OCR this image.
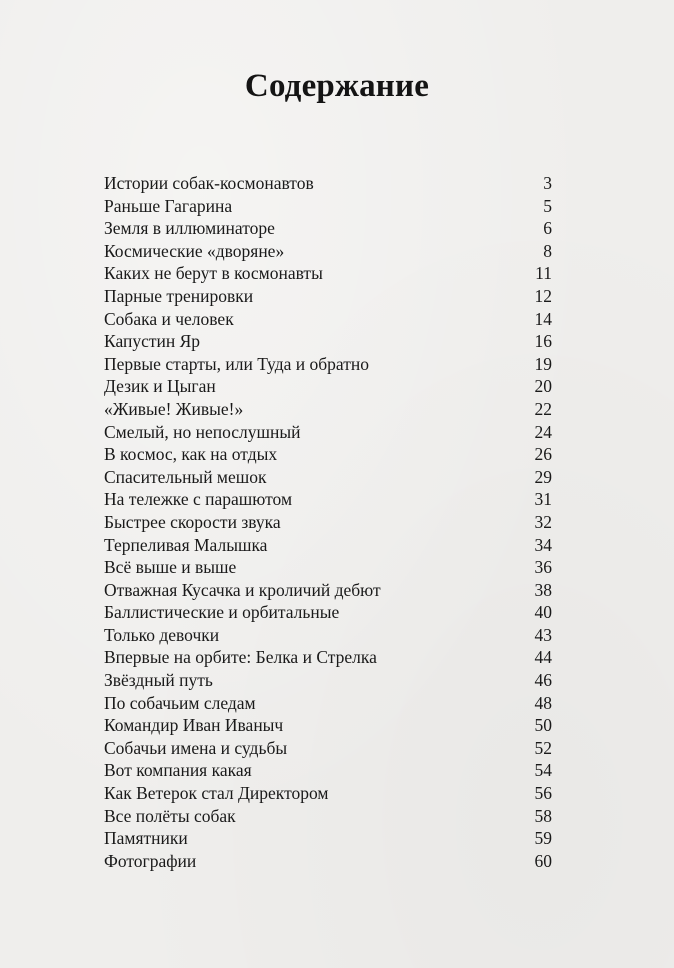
Содержание
Истории собак-космонавтов	3
Раньше Гагарина	5
Земля в иллюминаторе	6
Космические «дворяне»	8
Каких не берут в космонавты	11
Парные тренировки	12
Собака и человек	14
Капустин Яр	16
Первые старты, или Туда и обратно	19
Дезик и Цыган	20
«Живые! Живые!»	22
Смелый, но непослушный	24
В космос, как на отдых	26
Спасительный мешок	29
На тележке с парашютом	31
Быстрее скорости звука	32
Терпеливая Малышка	34
Всё выше и выше	36
Отважная Кусачка и кроличий дебют	38
Баллистические и орбитальные	40
Только девочки	43
Впервые на орбите: Белка и Стрелка	44
Звёздный путь	46
По собачьим следам	48
Командир Иван Иваныч	50
Собачьи имена и судьбы	52
Вот компания какая	54
Как Ветерок стал Директором	56
Все полёты собак	58
Памятники	59
Фотографии	60
